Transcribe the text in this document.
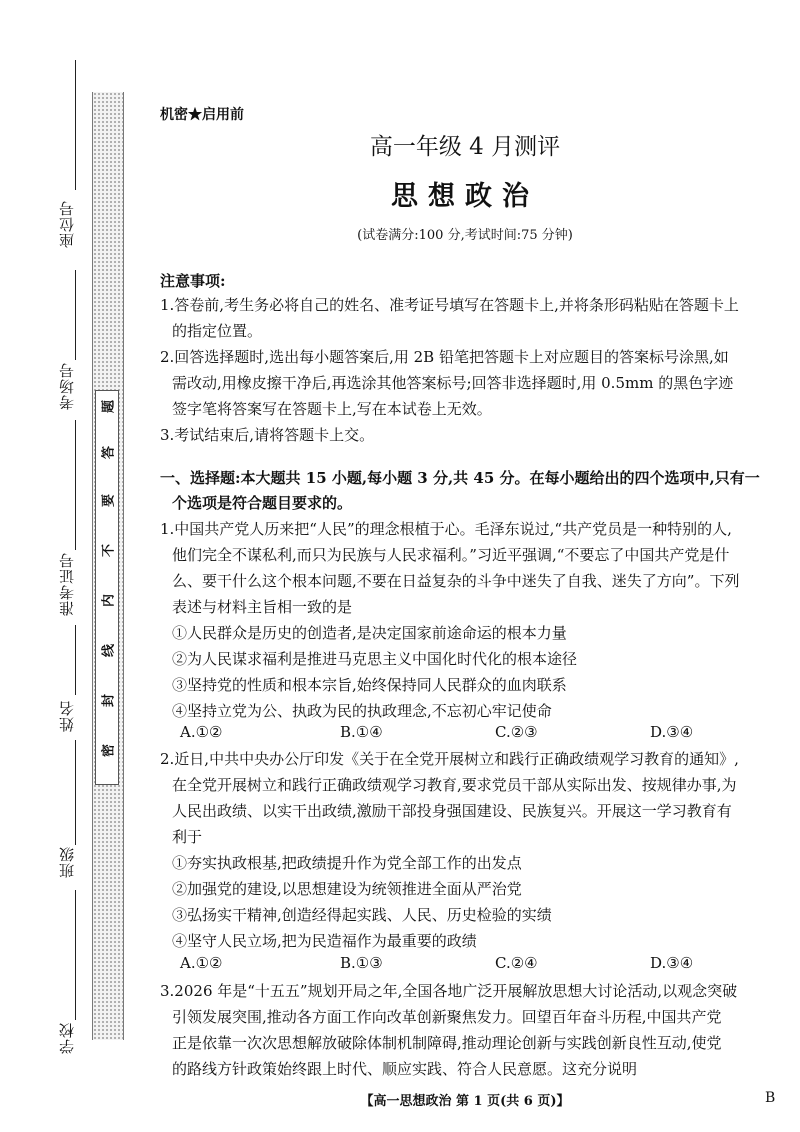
座位号
考场号
准考证号
姓名
班级
学校
密
封
线
内
不
要
答
题
机密★启用前
高一年级 4 月测评
思想政治
(试卷满分:100 分,考试时间:75 分钟)
注意事项:
1.答卷前,考生务必将自己的姓名、准考证号填写在答题卡上,并将条形码粘贴在答题卡上
的指定位置。
2.回答选择题时,选出每小题答案后,用 2B 铅笔把答题卡上对应题目的答案标号涂黑,如
需改动,用橡皮擦干净后,再选涂其他答案标号;回答非选择题时,用 0.5mm 的黑色字迹
签字笔将答案写在答题卡上,写在本试卷上无效。
3.考试结束后,请将答题卡上交。
一、选择题:本大题共 15 小题,每小题 3 分,共 45 分。在每小题给出的四个选项中,只有一
个选项是符合题目要求的。
1.中国共产党人历来把“人民”的理念根植于心。毛泽东说过,“共产党员是一种特别的人,
他们完全不谋私利,而只为民族与人民求福利。”习近平强调,“不要忘了中国共产党是什
么、要干什么这个根本问题,不要在日益复杂的斗争中迷失了自我、迷失了方向”。下列
表述与材料主旨相一致的是
①人民群众是历史的创造者,是决定国家前途命运的根本力量
②为人民谋求福利是推进马克思主义中国化时代化的根本途径
③坚持党的性质和根本宗旨,始终保持同人民群众的血肉联系
④坚持立党为公、执政为民的执政理念,不忘初心牢记使命
A.①②	B.①④	C.②③	D.③④
2.近日,中共中央办公厅印发《关于在全党开展树立和践行正确政绩观学习教育的通知》,
在全党开展树立和践行正确政绩观学习教育,要求党员干部从实际出发、按规律办事,为
人民出政绩、以实干出政绩,激励干部投身强国建设、民族复兴。开展这一学习教育有
利于
①夯实执政根基,把政绩提升作为党全部工作的出发点
②加强党的建设,以思想建设为统领推进全面从严治党
③弘扬实干精神,创造经得起实践、人民、历史检验的实绩
④坚守人民立场,把为民造福作为最重要的政绩
A.①②	B.①③	C.②④	D.③④
3.2026 年是“十五五”规划开局之年,全国各地广泛开展解放思想大讨论活动,以观念突破
引领发展突围,推动各方面工作向改革创新聚焦发力。回望百年奋斗历程,中国共产党
正是依靠一次次思想解放破除体制机制障碍,推动理论创新与实践创新良性互动,使党
的路线方针政策始终跟上时代、顺应实践、符合人民意愿。这充分说明
【高一思想政治 第 1 页(共 6 页)】	B
